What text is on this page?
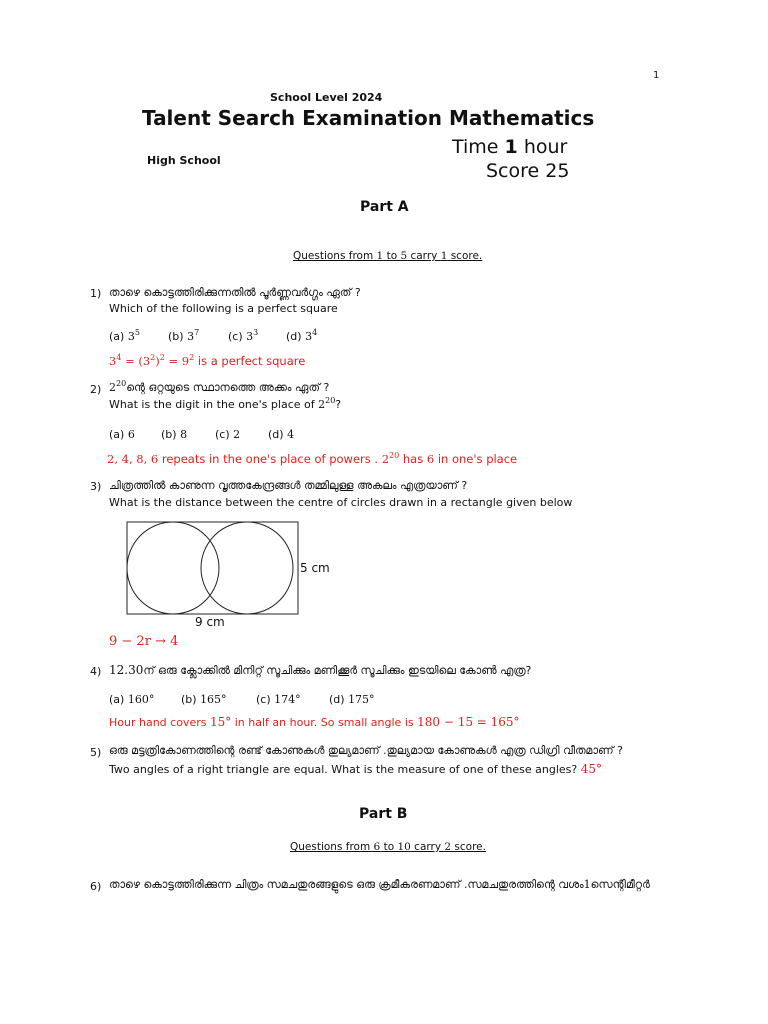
1
School Level 2024
Talent Search Examination Mathematics
High School
Time 1 hour
Score 25
Part A
Questions from 1 to 5 carry 1 score.
1) താഴെ കൊട്ടത്തിരിക്കുന്നതിൽ പൂർണ്ണവർഗ്ഗം ഏത് ?
Which of the following is a perfect square
(a) $3^5$	(b) $3^7$	(c) $3^3$	(d) $3^4$
$3^4 = (3^2)^2 = 9^2$ is a perfect square
2) $2^{20}ന്റെ$ ഒറ്റയുടെ സ്ഥാനത്തെ അക്കം ഏത് ?
What is the digit in the one's place of $2^{20}$?
(a) 6 (b) 8	(c) 2	(d) 4
2, 4, 8, 6 repeats in the one's place of powers . $2^{20}$ has 6 in one's place
3) ചിത്രത്തിൽ കാണുന്ന വൃത്തകേന്ദ്രങ്ങൾ തമ്മിലുള്ള അകലം എത്രയാണ് ?
What is the distance between the centre of circles drawn in a rectangle given below
5 cm
9 cm
9 − 2r → 4
4) 12.30ന് ഒരു ക്ലോക്കിൽ മിനിറ്റ് സൂചിക്കും മണിക്കൂർ സൂചിക്കും ഇടയിലെ കോൺ എത്ര?
(a) 160° (b) 165°	(c) 174°	(d) 175°
Hour hand covers 15° in half an hour. So small angle is 180 − 15 = 165°
5) ഒരു മട്ടത്രികോണത്തിന്റെ രണ്ട് കോണുകൾ തുല്യമാണ് .തുല്യമായ കോണുകൾ എത്ര ഡിഗ്രി വീതമാണ് ?
Two angles of a right triangle are equal. What is the measure of one of these angles? 45°
Part B
Questions from 6 to 10 carry 2 score.
6) താഴെ കൊട്ടത്തിരിക്കുന്ന ചിത്രം സമചതുരങ്ങളുടെ ഒരു ക്രമീകരണമാണ് .സമചതുരത്തിന്റെ വശം1സെന്റിമീറ്റർ
